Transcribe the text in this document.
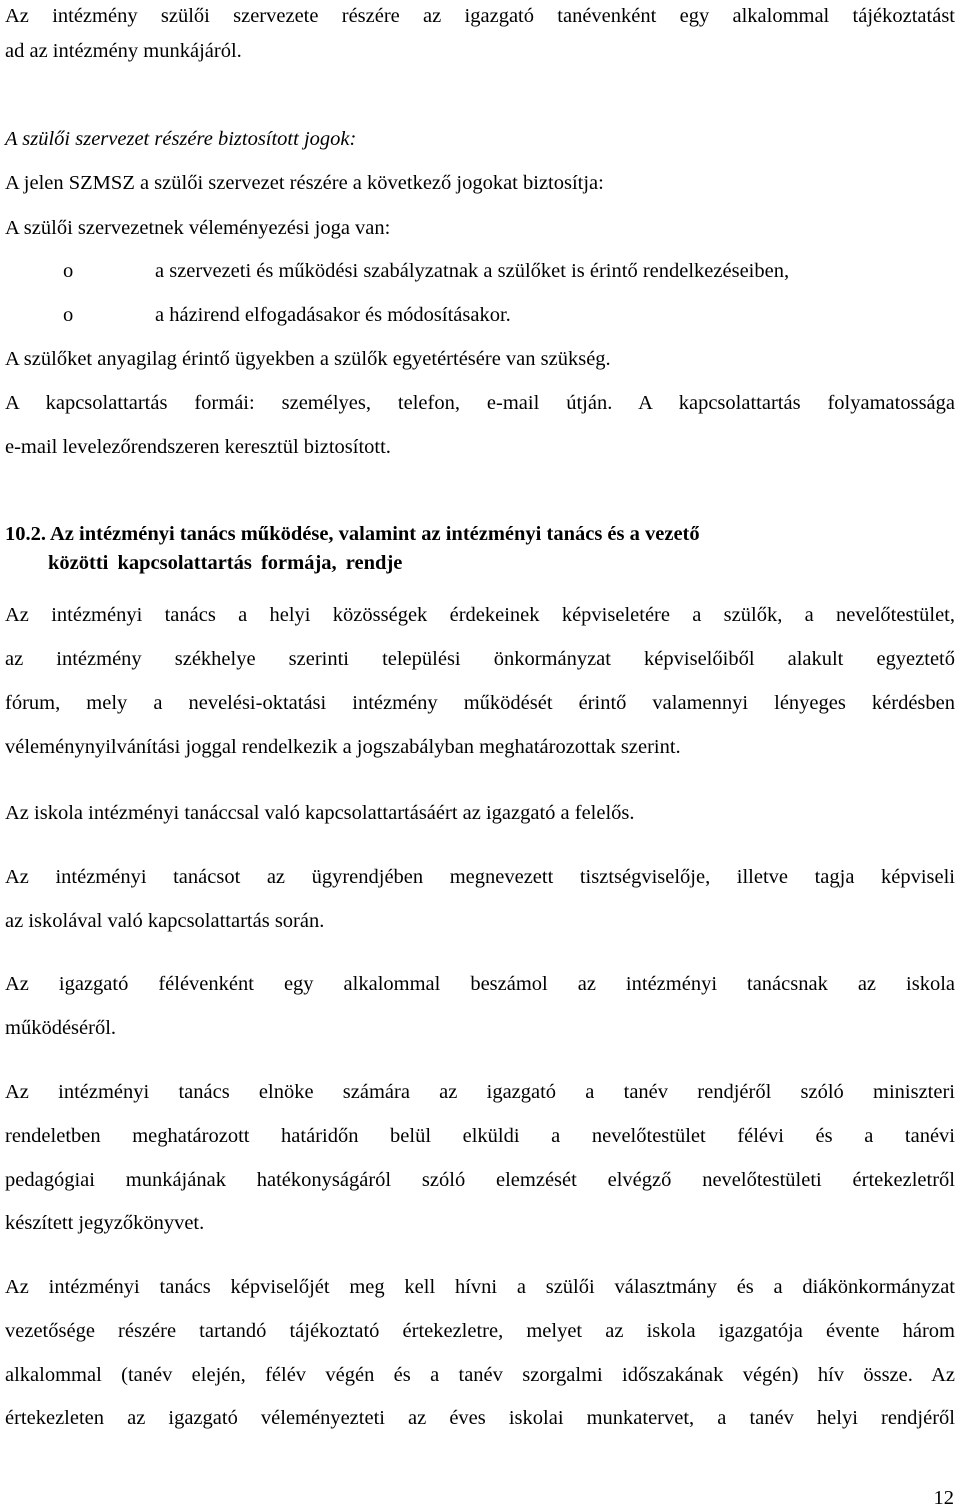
Az intézmény szülői szervezete részére az igazgató tanévenként egy alkalommal tájékoztatást
ad az intézmény munkájáról.
A szülői szervezet részére biztosított jogok:
A jelen SZMSZ a szülői szervezet részére a következő jogokat biztosítja:
A szülői szervezetnek véleményezési joga van:
o	a szervezeti és működési szabályzatnak a szülőket is érintő rendelkezéseiben,
o	a házirend elfogadásakor és módosításakor.
A szülőket anyagilag érintő ügyekben a szülők egyetértésére van szükség.
A kapcsolattartás formái: személyes, telefon, e-mail útján. A kapcsolattartás folyamatossága
e-mail levelezőrendszeren keresztül biztosított.
10.2. Az intézményi tanács működése, valamint az intézményi tanács és a vezető
közötti kapcsolattartás formája, rendje
Az intézményi tanács a helyi közösségek érdekeinek képviseletére a szülők, a nevelőtestület,
az intézmény székhelye szerinti települési önkormányzat képviselőiből alakult egyeztető
fórum, mely a nevelési-oktatási intézmény működését érintő valamennyi lényeges kérdésben
véleménynyilvánítási joggal rendelkezik a jogszabályban meghatározottak szerint.
Az iskola intézményi tanáccsal való kapcsolattartásáért az igazgató a felelős.
Az intézményi tanácsot az ügyrendjében megnevezett tisztségviselője, illetve tagja képviseli
az iskolával való kapcsolattartás során.
Az igazgató félévenként egy alkalommal beszámol az intézményi tanácsnak az iskola
működéséről.
Az intézményi tanács elnöke számára az igazgató a tanév rendjéről szóló miniszteri
rendeletben meghatározott határidőn belül elküldi a nevelőtestület félévi és a tanévi
pedagógiai munkájának hatékonyságáról szóló elemzését elvégző nevelőtestületi értekezletről
készített jegyzőkönyvet.
Az intézményi tanács képviselőjét meg kell hívni a szülői választmány és a diákönkormányzat
vezetősége részére tartandó tájékoztató értekezletre, melyet az iskola igazgatója évente három
alkalommal (tanév elején, félév végén és a tanév szorgalmi időszakának végén) hív össze. Az
értekezleten az igazgató véleményezteti az éves iskolai munkatervet, a tanév helyi rendjéről
12
